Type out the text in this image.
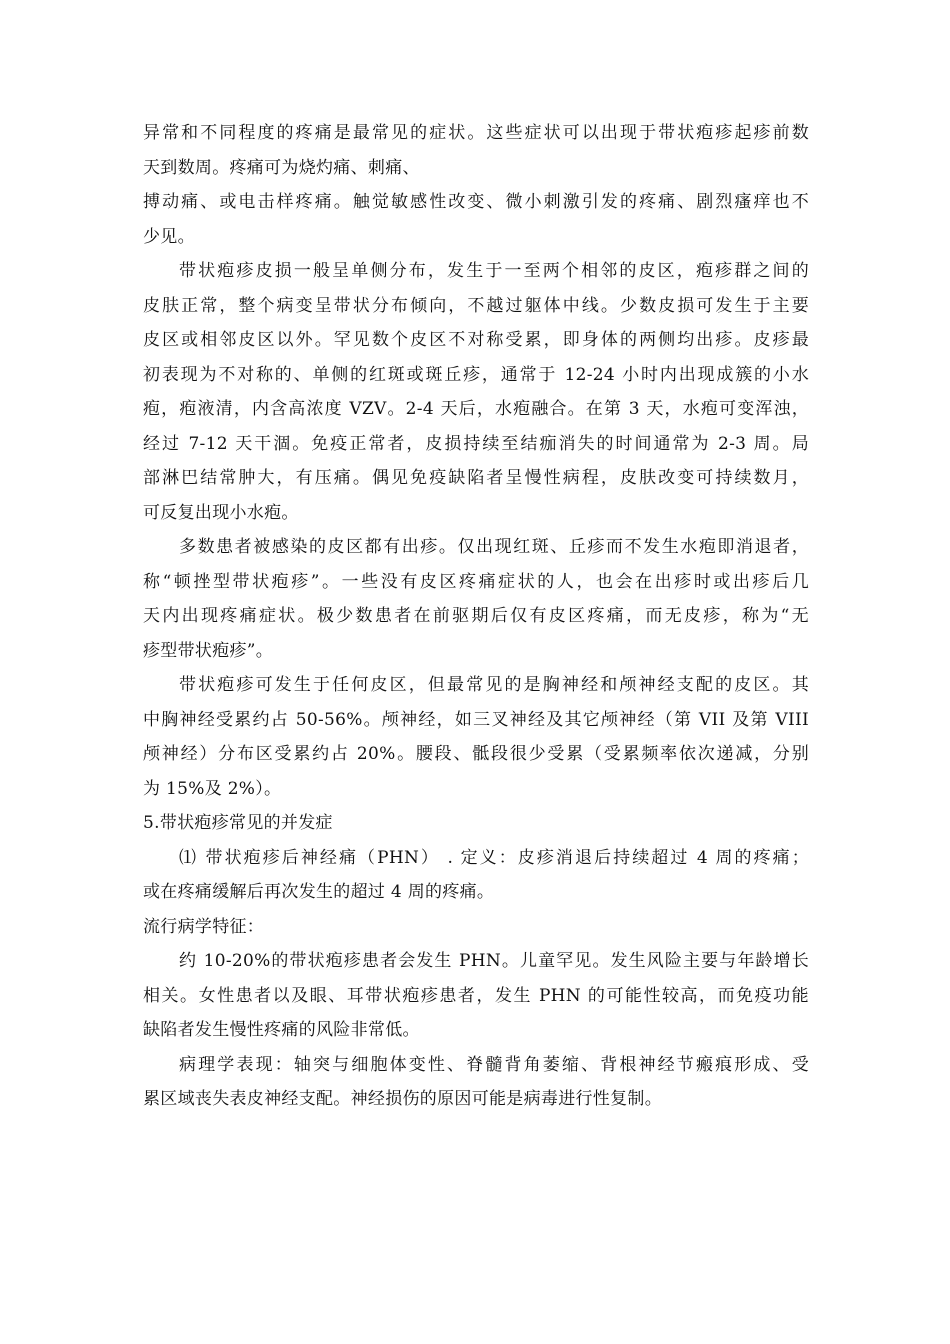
异常和不同程度的疼痛是最常见的症状。这些症状可以出现于带状疱疹起疹前数
天到数周。疼痛可为烧灼痛、刺痛、
搏动痛、或电击样疼痛。触觉敏感性改变、微小刺激引发的疼痛、剧烈瘙痒也不
少见。
带状疱疹皮损一般呈单侧分布，发生于一至两个相邻的皮区，疱疹群之间的
皮肤正常，整个病变呈带状分布倾向，不越过躯体中线。少数皮损可发生于主要
皮区或相邻皮区以外。罕见数个皮区不对称受累，即身体的两侧均出疹。皮疹最
初表现为不对称的、单侧的红斑或斑丘疹，通常于 12-24 小时内出现成簇的小水
疱，疱液清，内含高浓度 VZV。2-4 天后，水疱融合。在第 3 天，水疱可变浑浊，
经过 7-12 天干涸。免疫正常者，皮损持续至结痂消失的时间通常为 2-3 周。局
部淋巴结常肿大，有压痛。偶见免疫缺陷者呈慢性病程，皮肤改变可持续数月，
可反复出现小水疱。
多数患者被感染的皮区都有出疹。仅出现红斑、丘疹而不发生水疱即消退者，
称“顿挫型带状疱疹”。一些没有皮区疼痛症状的人，也会在出疹时或出疹后几
天内出现疼痛症状。极少数患者在前驱期后仅有皮区疼痛，而无皮疹，称为“无
疹型带状疱疹”。
带状疱疹可发生于任何皮区，但最常见的是胸神经和颅神经支配的皮区。其
中胸神经受累约占 50-56%。颅神经，如三叉神经及其它颅神经（第 VII 及第 VIII
颅神经）分布区受累约占 20%。腰段、骶段很少受累（受累频率依次递减，分别
为 15%及 2%）。
5.带状疱疹常见的并发症
⑴ 带状疱疹后神经痛（PHN） . 定义：皮疹消退后持续超过 4 周的疼痛；
或在疼痛缓解后再次发生的超过 4 周的疼痛。
流行病学特征：
约 10-20%的带状疱疹患者会发生 PHN。儿童罕见。发生风险主要与年龄增长
相关。女性患者以及眼、耳带状疱疹患者，发生 PHN 的可能性较高，而免疫功能
缺陷者发生慢性疼痛的风险非常低。
病理学表现：轴突与细胞体变性、脊髓背角萎缩、背根神经节瘢痕形成、受
累区域丧失表皮神经支配。神经损伤的原因可能是病毒进行性复制。
